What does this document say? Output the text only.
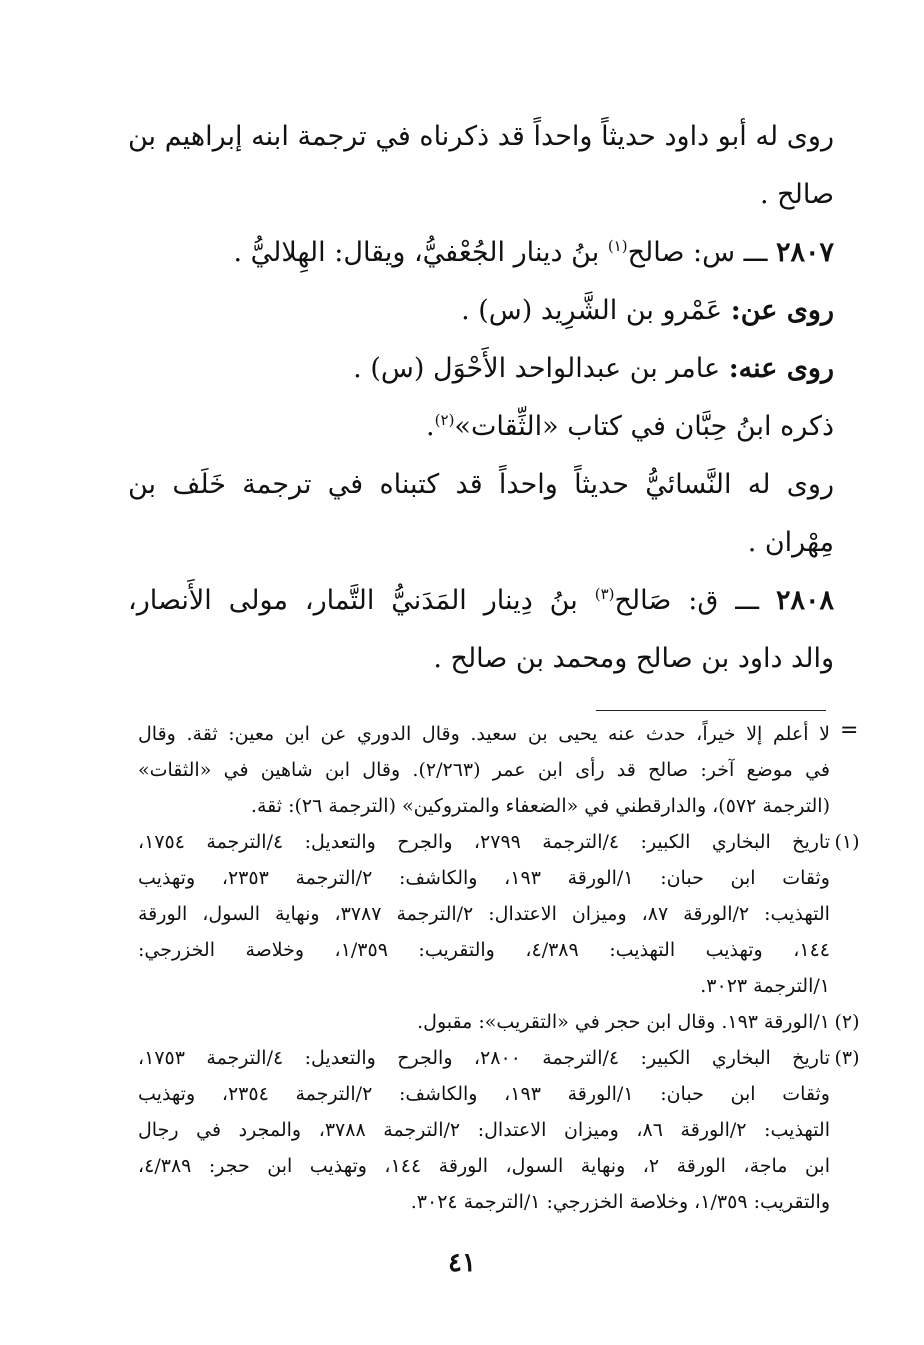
روى له أبو داود حديثاً واحداً قد ذكرناه في ترجمة ابنه إبراهيم بن
صالح .
٢٨٠٧ ـــ س: صالح$^{(١)}$ بنُ دينار الجُعْفيُّ، ويقال: الهِلاليُّ .
روى عن: عَمْرو بن الشَّرِيد (س) .
روى عنه: عامر بن عبدالواحد الأَحْوَل (س) .
ذكره ابنُ حِبَّان في كتاب «الثِّقات»$^{(٢)}$.
روى له النَّسائيُّ حديثاً واحداً قد كتبناه في ترجمة خَلَف بن
مِهْران .
٢٨٠٨ ـــ ق: صَالح$^{(٣)}$ بنُ دِينار المَدَنيُّ التَّمار، مولى الأَنصار،
والد داود بن صالح ومحمد بن صالح .
=
لا أعلم إلا خيراً، حدث عنه يحيى بن سعيد. وقال الدوري عن ابن معين: ثقة. وقال
في موضع آخر: صالح قد رأى ابن عمر (٢/٢٦٣). وقال ابن شاهين في «الثقات»
(الترجمة ٥٧٢)، والدارقطني في «الضعفاء والمتروكين» (الترجمة ٢٦): ثقة.
(١)
تاريخ البخاري الكبير: ٤/الترجمة ٢٧٩٩، والجرح والتعديل: ٤/الترجمة ١٧٥٤،
وثقات ابن حبان: ١/الورقة ١٩٣، والكاشف: ٢/الترجمة ٢٣٥٣، وتهذيب
التهذيب: ٢/الورقة ٨٧، وميزان الاعتدال: ٢/الترجمة ٣٧٨٧، ونهاية السول، الورقة
١٤٤، وتهذيب التهذيب: ٤/٣٨٩، والتقريب: ١/٣٥٩، وخلاصة الخزرجي:
١/الترجمة ٣٠٢٣.
(٢)
١/الورقة ١٩٣. وقال ابن حجر في «التقريب»: مقبول.
(٣)
تاريخ البخاري الكبير: ٤/الترجمة ٢٨٠٠، والجرح والتعديل: ٤/الترجمة ١٧٥٣،
وثقات ابن حبان: ١/الورقة ١٩٣، والكاشف: ٢/الترجمة ٢٣٥٤، وتهذيب
التهذيب: ٢/الورقة ٨٦، وميزان الاعتدال: ٢/الترجمة ٣٧٨٨، والمجرد في رجال
ابن ماجة، الورقة ٢، ونهاية السول، الورقة ١٤٤، وتهذيب ابن حجر: ٤/٣٨٩،
والتقريب: ١/٣٥٩، وخلاصة الخزرجي: ١/الترجمة ٣٠٢٤.
٤١
